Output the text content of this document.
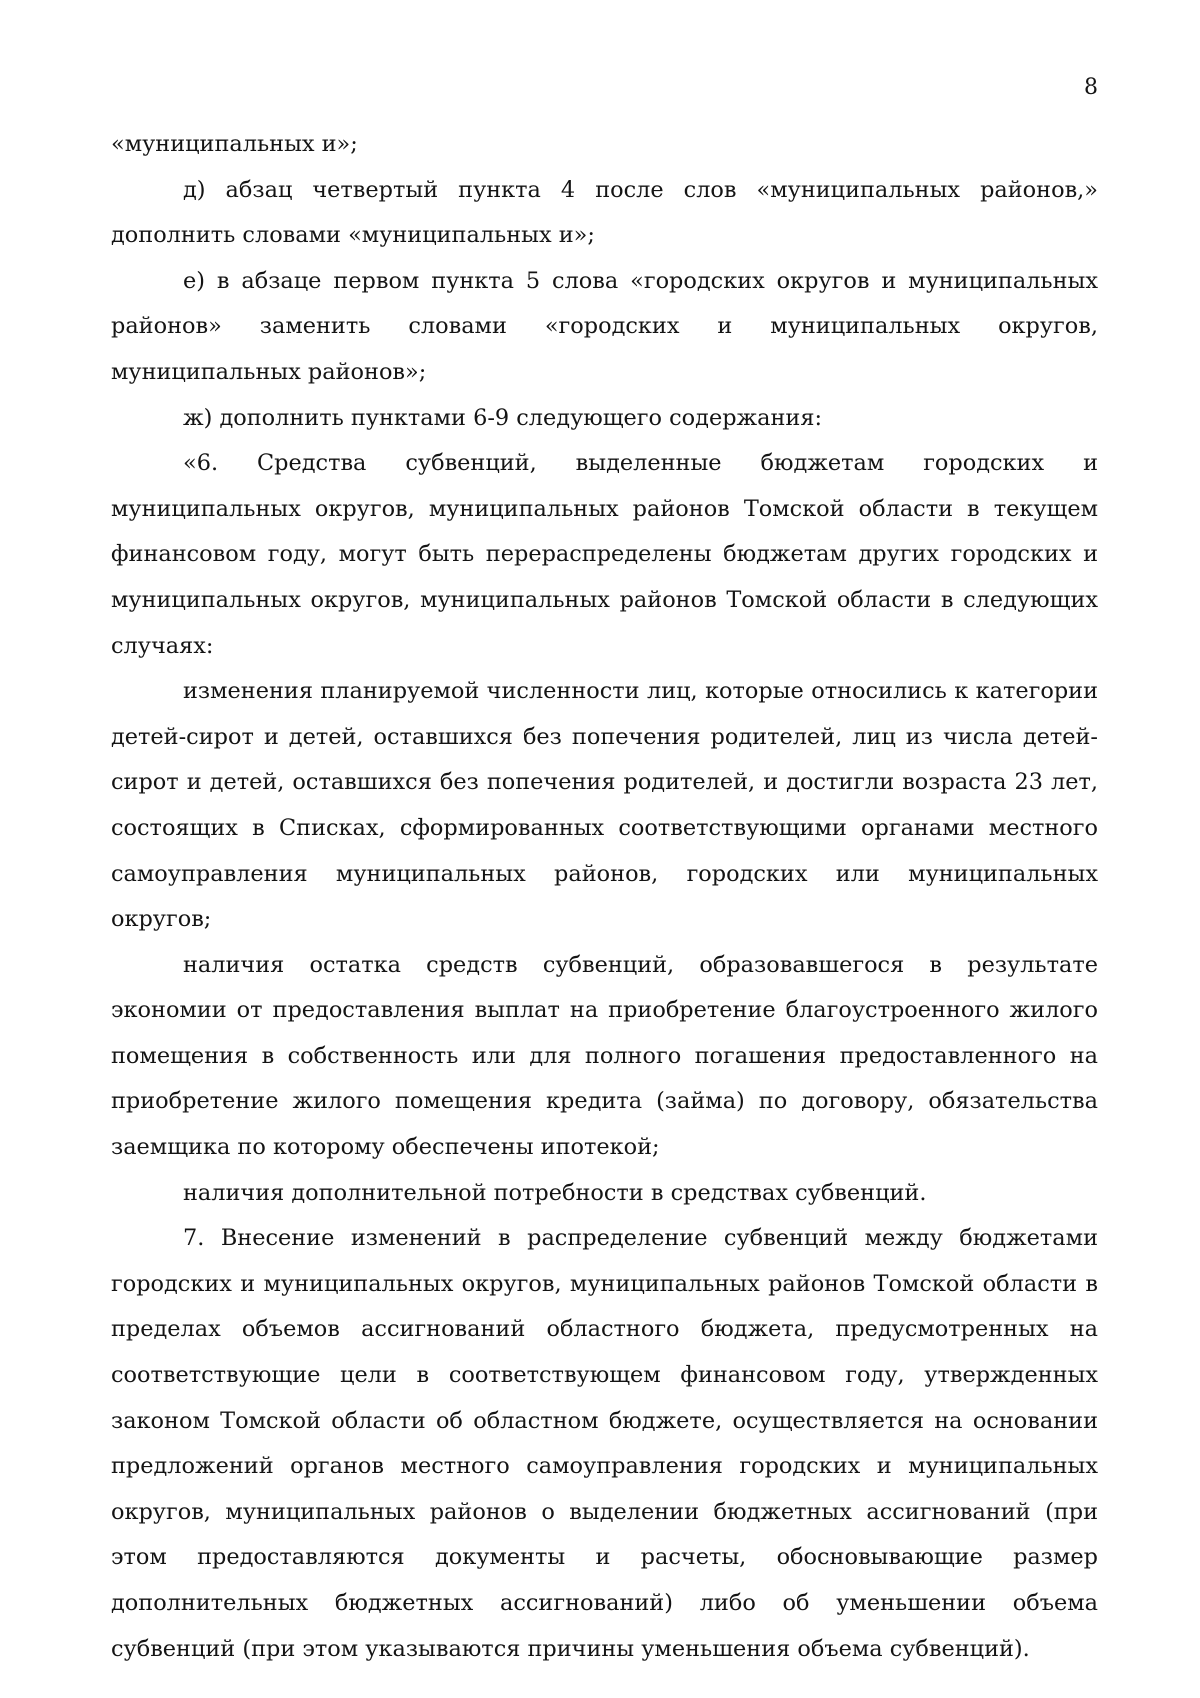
8

«муниципальных и»;

д) абзац четвертый пункта 4 после слов «муниципальных районов,» дополнить словами «муниципальных и»;

е) в абзаце первом пункта 5 слова «городских округов и муниципальных районов» заменить словами «городских и муниципальных округов, муниципальных районов»;

ж) дополнить пунктами 6-9 следующего содержания:

«6. Средства субвенций, выделенные бюджетам городских и муниципальных округов, муниципальных районов Томской области в текущем финансовом году, могут быть перераспределены бюджетам других городских и муниципальных округов, муниципальных районов Томской области в следующих случаях:

изменения планируемой численности лиц, которые относились к категории детей-сирот и детей, оставшихся без попечения родителей, лиц из числа детей-сирот и детей, оставшихся без попечения родителей, и достигли возраста 23 лет, состоящих в Списках, сформированных соответствующими органами местного самоуправления муниципальных районов, городских или муниципальных округов;

наличия остатка средств субвенций, образовавшегося в результате экономии от предоставления выплат на приобретение благоустроенного жилого помещения в собственность или для полного погашения предоставленного на приобретение жилого помещения кредита (займа) по договору, обязательства заемщика по которому обеспечены ипотекой;

наличия дополнительной потребности в средствах субвенций.

7. Внесение изменений в распределение субвенций между бюджетами городских и муниципальных округов, муниципальных районов Томской области в пределах объемов ассигнований областного бюджета, предусмотренных на соответствующие цели в соответствующем финансовом году, утвержденных законом Томской области об областном бюджете, осуществляется на основании предложений органов местного самоуправления городских и муниципальных округов, муниципальных районов о выделении бюджетных ассигнований (при этом предоставляются документы и расчеты, обосновывающие размер дополнительных бюджетных ассигнований) либо об уменьшении объема субвенций (при этом указываются причины уменьшения объема субвенций).
